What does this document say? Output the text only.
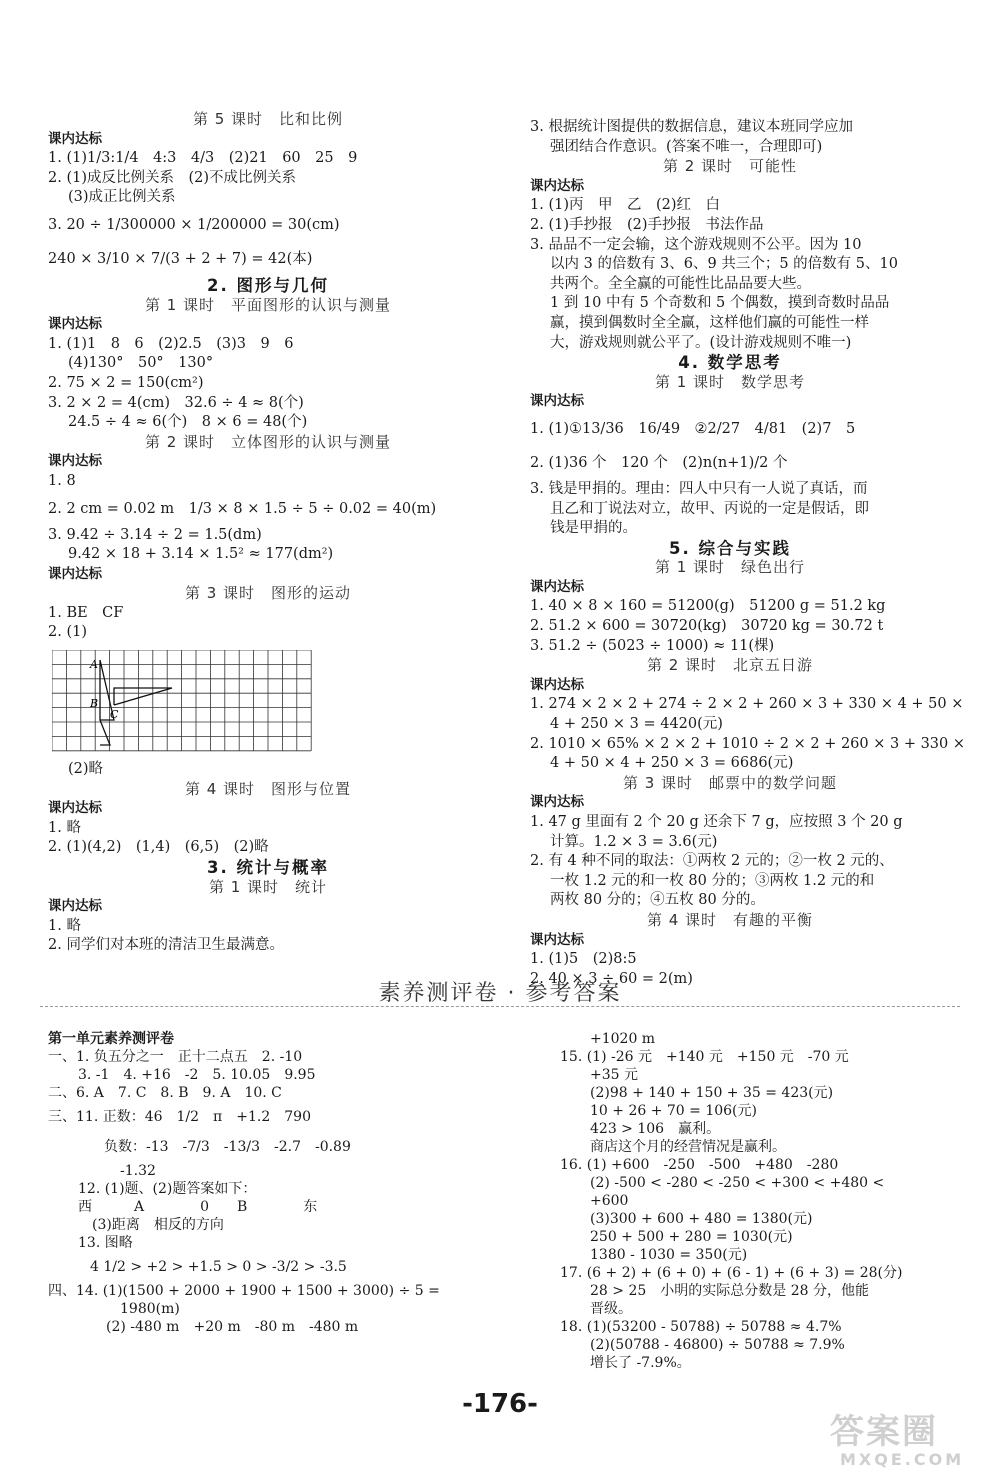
第 5 课时　比和比例
课内达标
1. (1)1/3:1/4　4:3　4/3　(2)21　60　25　9
2. (1)成反比例关系　(2)不成比例关系
(3)成正比例关系
3. 20 ÷ 1/300000 × 1/200000 = 30(cm)
240 × 3/10 × 7/(3 + 2 + 7) = 42(本)
2. 图形与几何
第 1 课时　平面图形的认识与测量
课内达标
1. (1)1　8　6　(2)2.5　(3)3　9　6
(4)130°　50°　130°
2. 75 × 2 = 150(cm²)
3. 2 × 2 = 4(cm)　32.6 ÷ 4 ≈ 8(个)
24.5 ÷ 4 ≈ 6(个)　8 × 6 = 48(个)
第 2 课时　立体图形的认识与测量
课内达标
1. 8
2. 2 cm = 0.02 m　1/3 × 8 × 1.5 ÷ 5 ÷ 0.02 = 40(m)
3. 9.42 ÷ 3.14 ÷ 2 = 1.5(dm)
9.42 × 18 + 3.14 × 1.5² ≈ 177(dm²)
课内达标
第 3 课时　图形的运动
1. BE　CF
2. (1)
A
B
C
(2)略
第 4 课时　图形与位置
课内达标
1. 略
2. (1)(4,2)　(1,4)　(6,5)　(2)略
3. 统计与概率
第 1 课时　统计
课内达标
1. 略
2. 同学们对本班的清洁卫生最满意。
3. 根据统计图提供的数据信息，建议本班同学应加
强团结合作意识。(答案不唯一，合理即可)
第 2 课时　可能性
课内达标
1. (1)丙　甲　乙　(2)红　白
2. (1)手抄报　(2)手抄报　书法作品
3. 品品不一定会输，这个游戏规则不公平。因为 10
以内 3 的倍数有 3、6、9 共三个；5 的倍数有 5、10
共两个。全全赢的可能性比品品要大些。
1 到 10 中有 5 个奇数和 5 个偶数，摸到奇数时品品
赢，摸到偶数时全全赢，这样他们赢的可能性一样
大，游戏规则就公平了。(设计游戏规则不唯一)
4. 数学思考
第 1 课时　数学思考
课内达标
1. (1)①13/36　16/49　②2/27　4/81　(2)7　5
2. (1)36 个　120 个　(2)n(n+1)/2 个
3. 钱是甲捐的。理由：四人中只有一人说了真话，而
且乙和丁说法对立，故甲、丙说的一定是假话，即
钱是甲捐的。
5. 综合与实践
第 1 课时　绿色出行
课内达标
1. 40 × 8 × 160 = 51200(g)　51200 g = 51.2 kg
2. 51.2 × 600 = 30720(kg)　30720 kg = 30.72 t
3. 51.2 ÷ (5023 ÷ 1000) ≈ 11(棵)
第 2 课时　北京五日游
课内达标
1. 274 × 2 × 2 + 274 ÷ 2 × 2 + 260 × 3 + 330 × 4 + 50 ×
4 + 250 × 3 = 4420(元)
2. 1010 × 65% × 2 × 2 + 1010 ÷ 2 × 2 + 260 × 3 + 330 ×
4 + 50 × 4 + 250 × 3 = 6686(元)
第 3 课时　邮票中的数学问题
课内达标
1. 47 g 里面有 2 个 20 g 还余下 7 g，应按照 3 个 20 g
计算。1.2 × 3 = 3.6(元)
2. 有 4 种不同的取法：①两枚 2 元的；②一枚 2 元的、
一枚 1.2 元的和一枚 80 分的；③两枚 1.2 元的和
两枚 80 分的；④五枚 80 分的。
第 4 课时　有趣的平衡
课内达标
1. (1)5　(2)8:5
2. 40 × 3 ÷ 60 = 2(m)
素养测评卷 · 参考答案
第一单元素养测评卷
一、1. 负五分之一　正十二点五　2. -10
3. -1　4. +16　-2　5. 10.05　9.95
二、6. A　7. C　8. B　9. A　10. C
三、11. 正数：46　1/2　π　+1.2　790
　　　　负数：-13　-7/3　-13/3　-2.7　-0.89
　　　-1.32
12. (1)题、(2)题答案如下：
西　　　A　　　　0　　B　　　　东
　(3)距离　相反的方向
13. 图略
　　　4 1/2 > +2 > +1.5 > 0 > -3/2 > -3.5
四、14. (1)(1500 + 2000 + 1900 + 1500 + 3000) ÷ 5 =
　　　1980(m)
　　(2) -480 m　+20 m　-80 m　-480 m
+1020 m
15. (1) -26 元　+140 元　+150 元　-70 元
+35 元
(2)98 + 140 + 150 + 35 = 423(元)
10 + 26 + 70 = 106(元)
423 > 106　赢利。
商店这个月的经营情况是赢利。
16. (1) +600　-250　-500　+480　-280
(2) -500 < -280 < -250 < +300 < +480 <
+600
(3)300 + 600 + 480 = 1380(元)
250 + 500 + 280 = 1030(元)
1380 - 1030 = 350(元)
17. (6 + 2) + (6 + 0) + (6 - 1) + (6 + 3) = 28(分)
28 > 25　小明的实际总分数是 28 分，他能
晋级。
18. (1)(53200 - 50788) ÷ 50788 ≈ 4.7%
(2)(50788 - 46800) ÷ 50788 ≈ 7.9%
增长了 -7.9%。
-176-
答案圈
MXQE.COM
